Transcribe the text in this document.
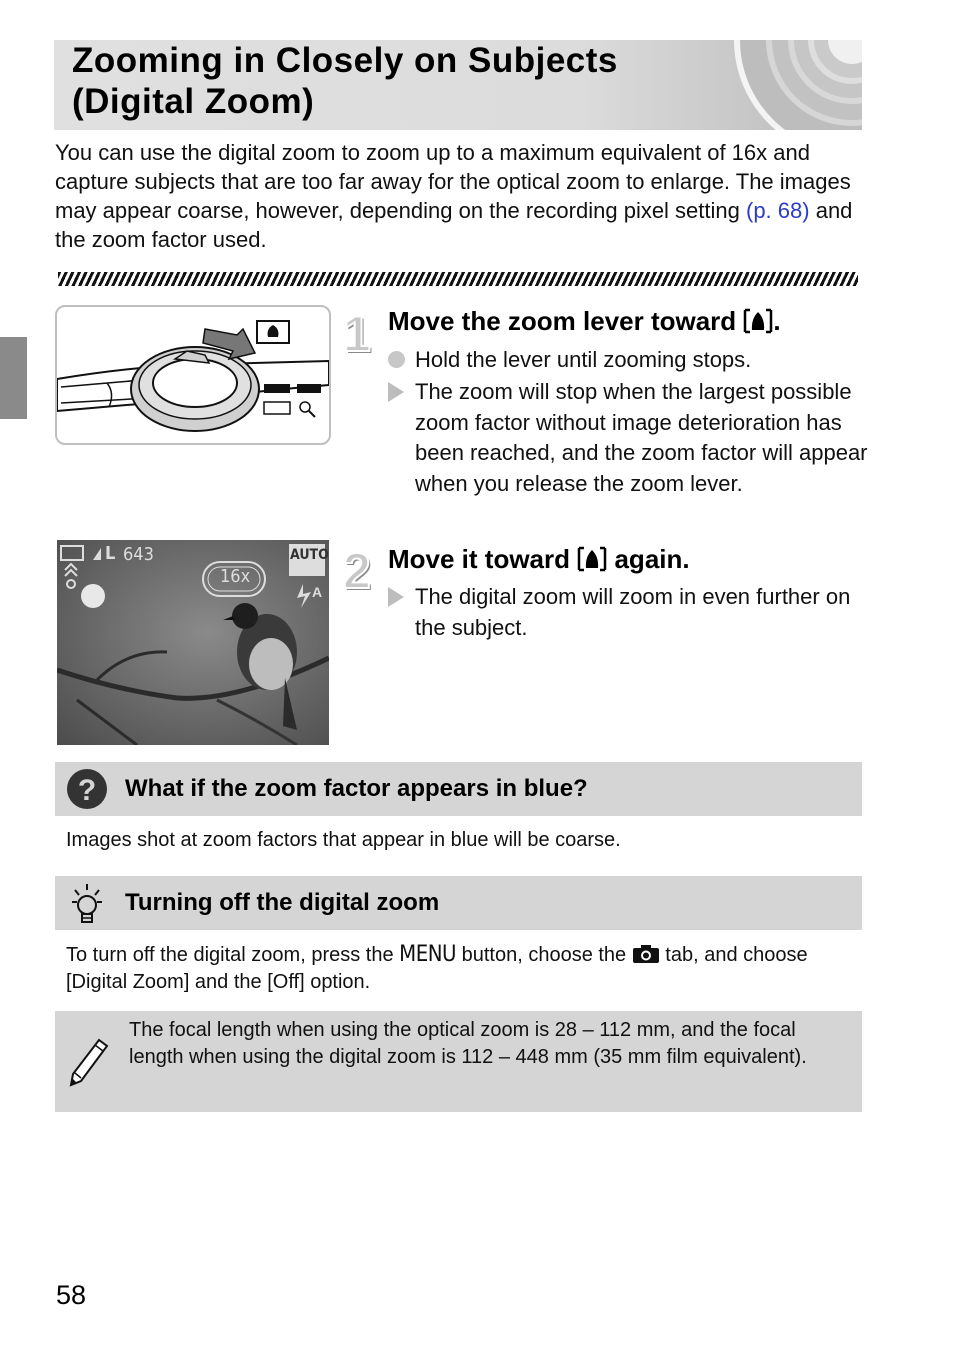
Zooming in Closely on Subjects
(Digital Zoom)
You can use the digital zoom to zoom up to a maximum equivalent of 16x and capture subjects that are too far away for the optical zoom to enlarge. The images may appear coarse, however, depending on the recording pixel setting (p. 68) and the zoom factor used.
1 Move the zoom lever toward .
Hold the lever until zooming stops.
The zoom will stop when the largest possible zoom factor without image deterioration has been reached, and the zoom factor will appear when you release the zoom lever.
L 643
16x
AUTO
A 2 Move it toward  again.
The digital zoom will zoom in even further on the subject.
? What if the zoom factor appears in blue?
Images shot at zoom factors that appear in blue will be coarse.
Turning off the digital zoom
To turn off the digital zoom, press the MENU button, choose the  tab, and choose [Digital Zoom] and the [Off] option.
The focal length when using the optical zoom is 28 – 112 mm, and the focal length when using the digital zoom is 112 – 448 mm (35 mm film equivalent).
58
